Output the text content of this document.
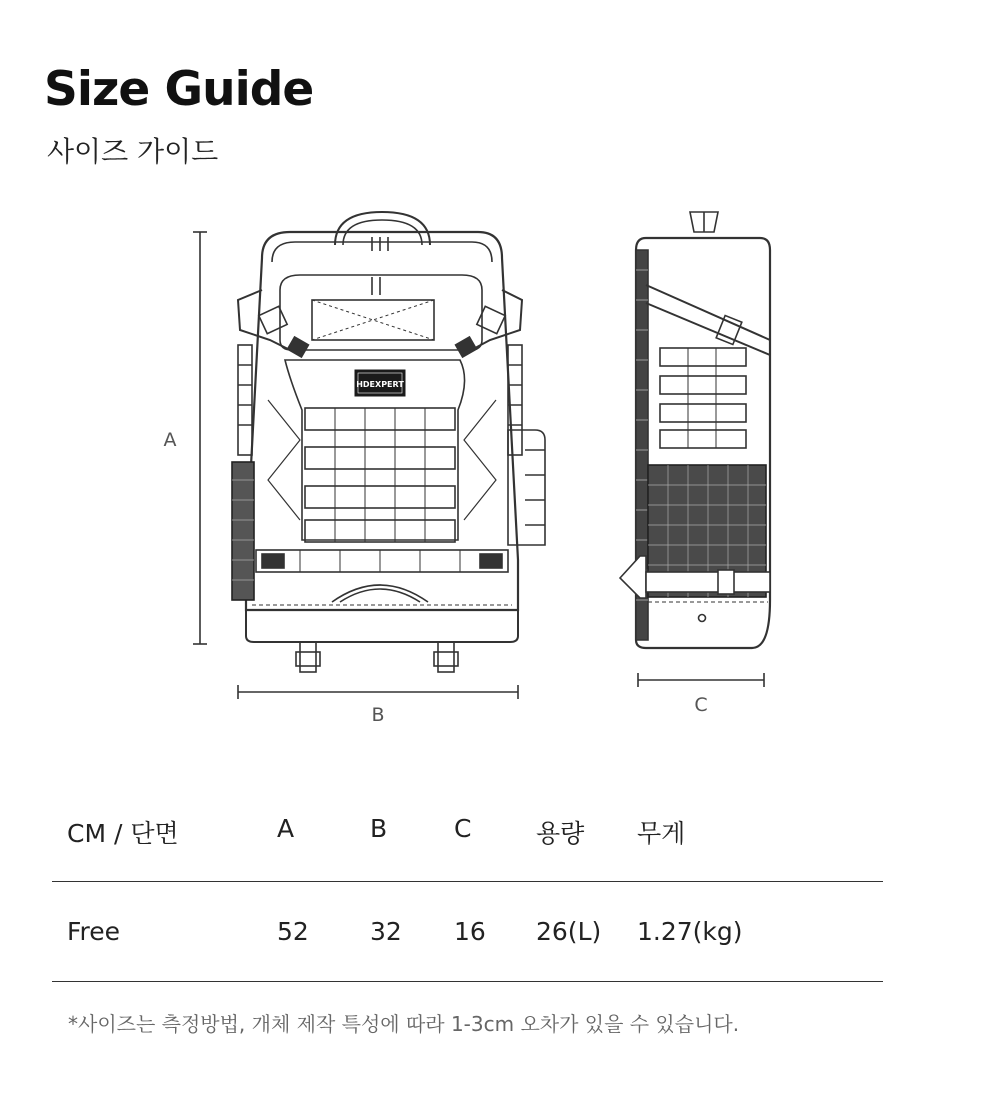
Size Guide
사이즈 가이드
HDEXPERT
A
B	C
CM / 단면	A	B	C	용량 무게
Free	52 32 16 26(L) 1.27(kg)

*사이즈는 측정방법, 개체 제작 특성에 따라 1-3cm 오차가 있을 수 있습니다.
